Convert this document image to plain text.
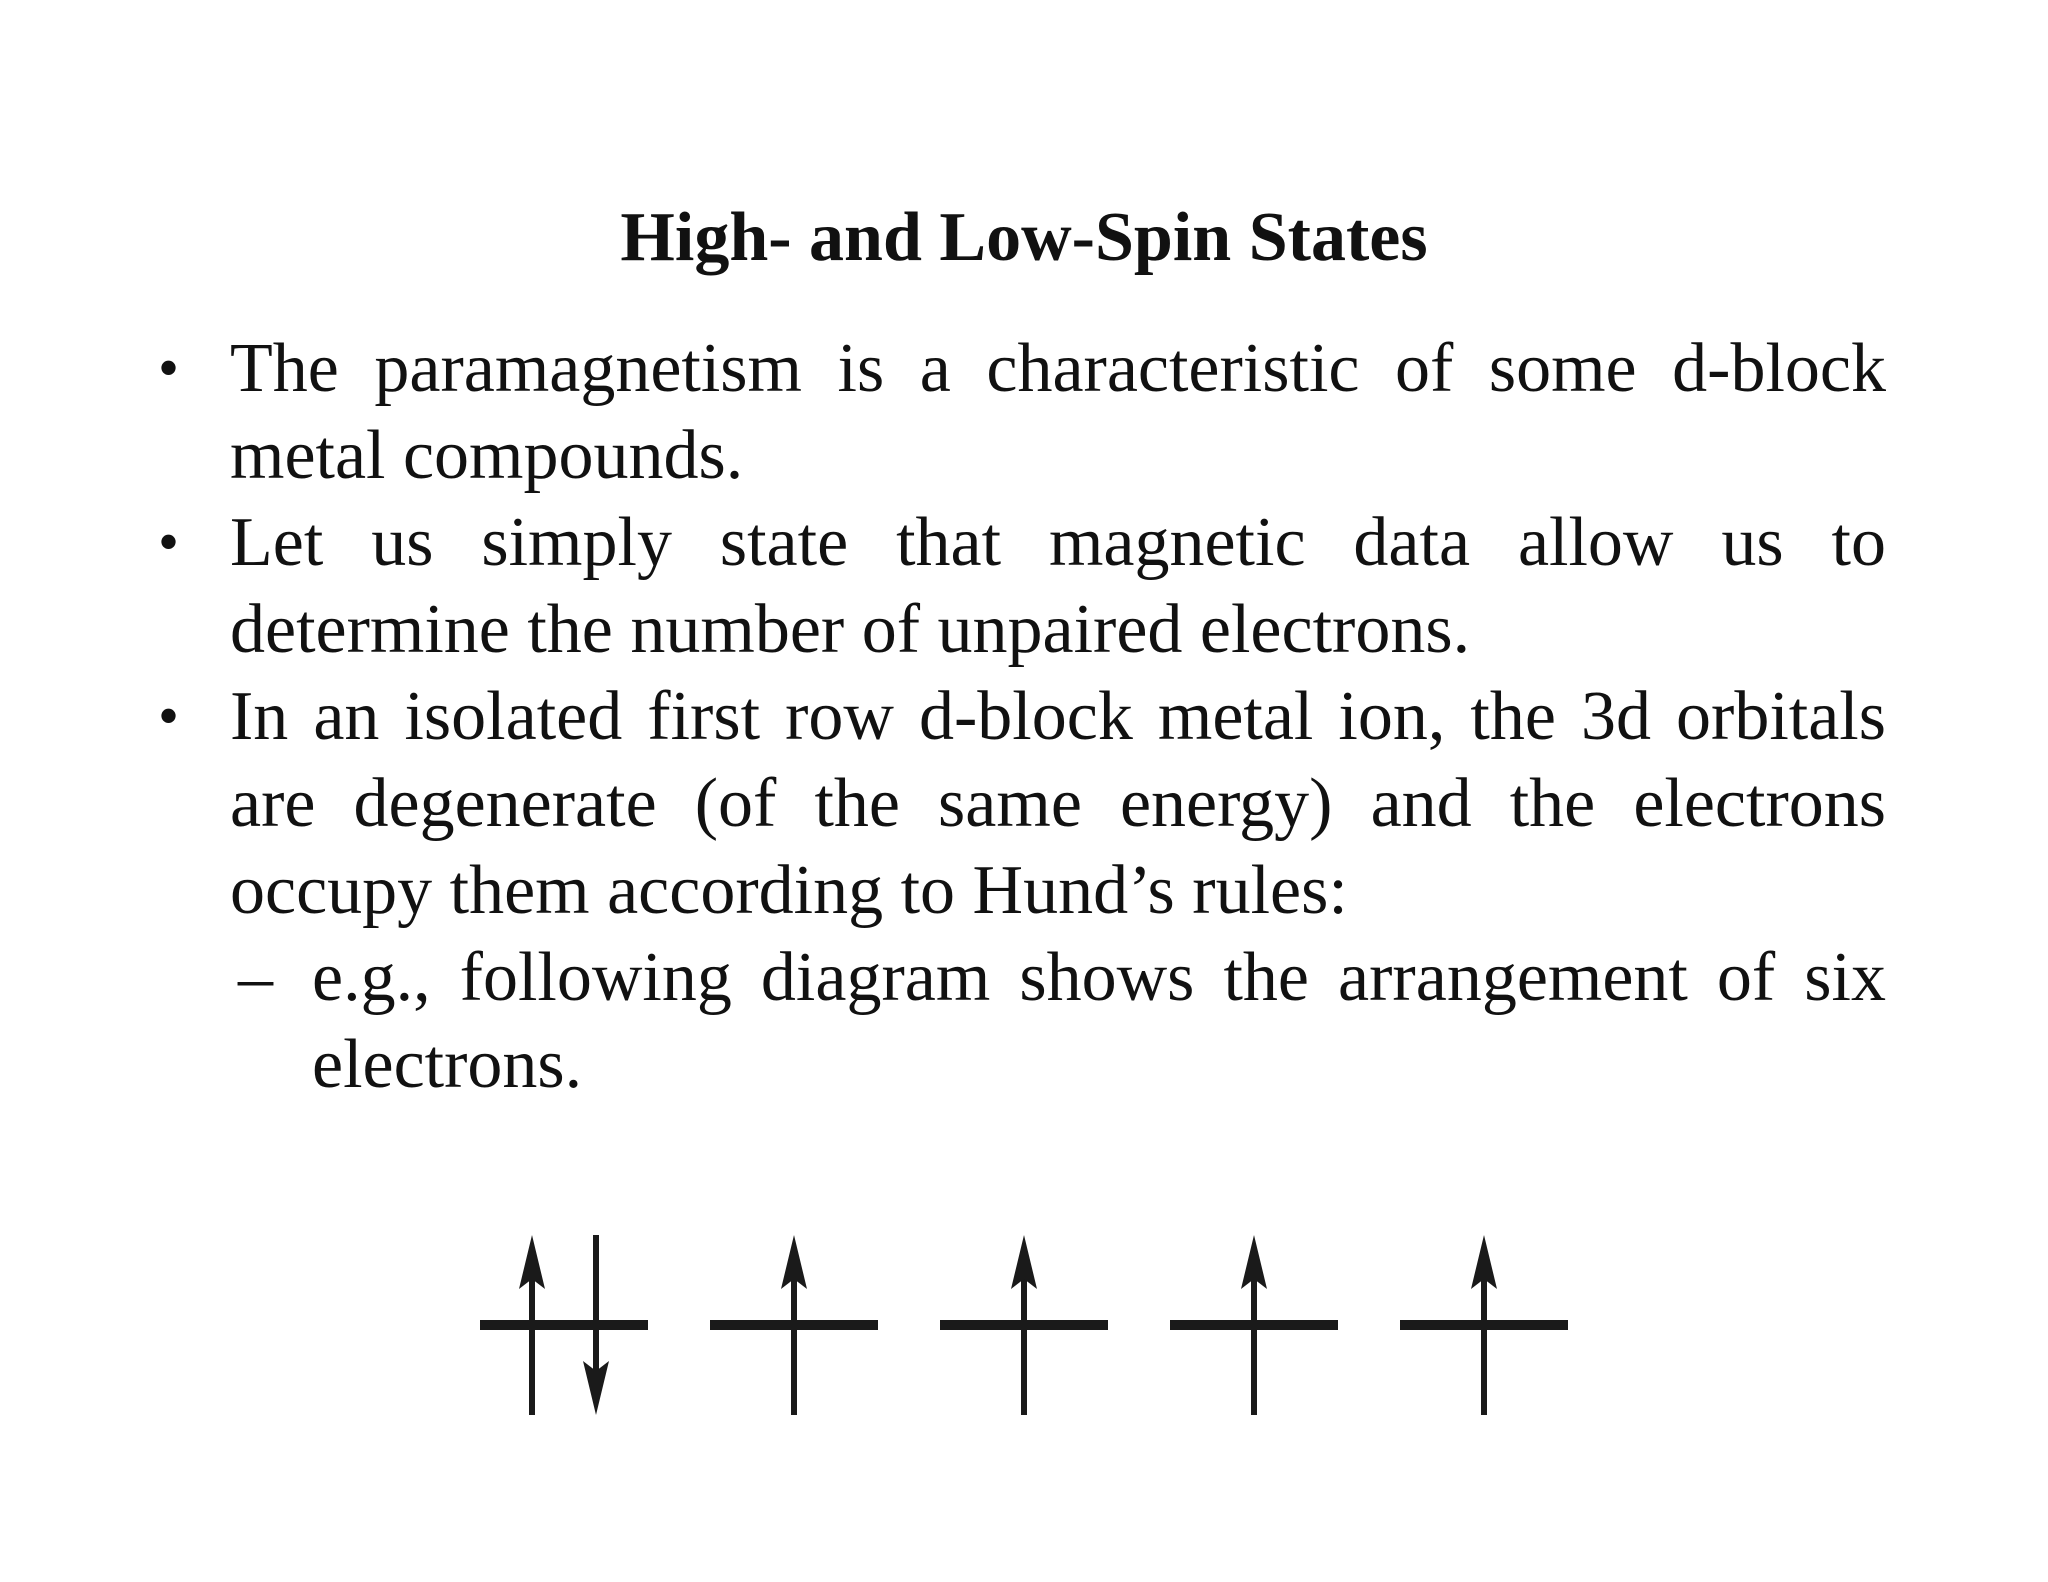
High- and Low-Spin States
• The paramagnetism is a characteristic of some d-block metal compounds.
• Let us simply state that magnetic data allow us to determine the number of unpaired electrons.
• In an isolated first row d-block metal ion, the 3d orbitals are degenerate (of the same energy) and the electrons occupy them according to Hund’s rules:
– e.g., following diagram shows the arrangement of six electrons.
